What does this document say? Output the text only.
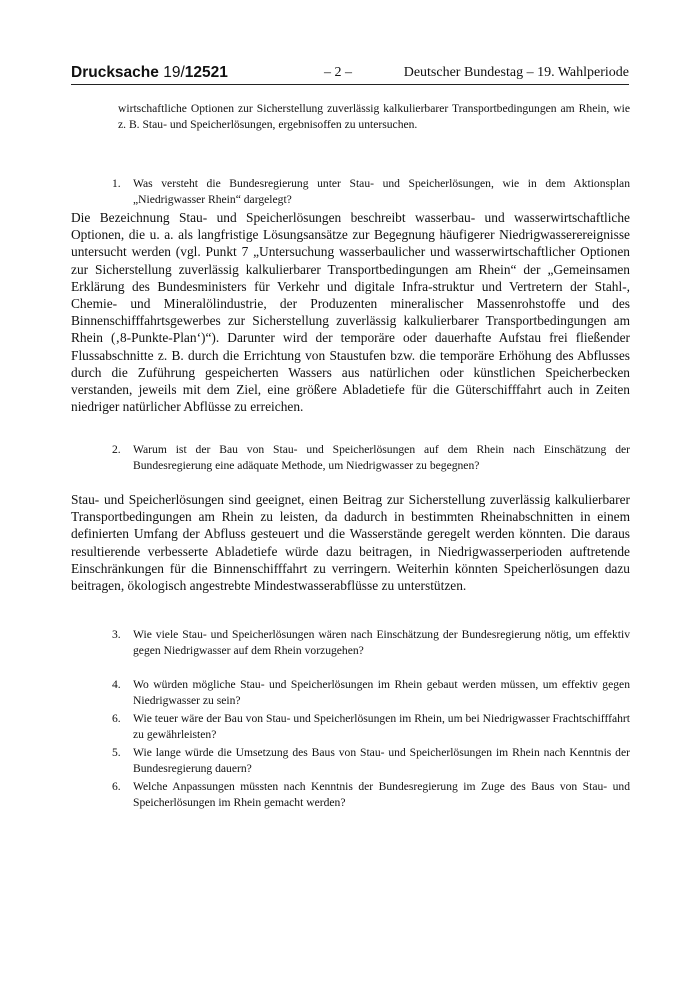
Drucksache 19/12521	– 2 –	Deutscher Bundestag – 19. Wahlperiode
wirtschaftliche Optionen zur Sicherstellung zuverlässig kalkulierbarer Transportbedingungen am Rhein, wie z. B. Stau- und Speicherlösungen, ergebnisoffen zu untersuchen.
1.	Was versteht die Bundesregierung unter Stau- und Speicherlösungen, wie in dem Aktionsplan „Niedrigwasser Rhein“ dargelegt?
Die Bezeichnung Stau- und Speicherlösungen beschreibt wasserbau- und wasserwirtschaftliche Optionen, die u. a. als langfristige Lösungsansätze zur Begegnung häufigerer Niedrigwasserereignisse untersucht werden (vgl. Punkt 7 „Untersuchung wasserbaulicher und wasserwirtschaftlicher Optionen zur Sicherstellung zuverlässig kalkulierbarer Transportbedingungen am Rhein“ der „Gemeinsamen Erklärung des Bundesministers für Verkehr und digitale Infra-struktur und Vertretern der Stahl-, Chemie- und Mineralölindustrie, der Produzenten mineralischer Massenrohstoffe und des Binnenschifffahrtsgewerbes zur Sicherstellung zuverlässig kalkulierbarer Transportbedingungen am Rhein (‚8-Punkte-Plan‘)“). Darunter wird der temporäre oder dauerhafte Aufstau frei fließender Flussabschnitte z. B. durch die Errichtung von Staustufen bzw. die temporäre Erhöhung des Abflusses durch die Zuführung gespeicherten Wassers aus natürlichen oder künstlichen Speicherbecken verstanden, jeweils mit dem Ziel, eine größere Abladetiefe für die Güterschifffahrt auch in Zeiten niedriger natürlicher Abflüsse zu erreichen.
2.	Warum ist der Bau von Stau- und Speicherlösungen auf dem Rhein nach Einschätzung der Bundesregierung eine adäquate Methode, um Niedrigwasser zu begegnen?
Stau- und Speicherlösungen sind geeignet, einen Beitrag zur Sicherstellung zuverlässig kalkulierbarer Transportbedingungen am Rhein zu leisten, da dadurch in bestimmten Rheinabschnitten in einem definierten Umfang der Abfluss gesteuert und die Wasserstände geregelt werden könnten. Die daraus resultierende verbesserte Abladetiefe würde dazu beitragen, in Niedrigwasserperioden auftretende Einschränkungen für die Binnenschifffahrt zu verringern. Weiterhin könnten Speicherlösungen dazu beitragen, ökologisch angestrebte Mindestwasserabflüsse zu unterstützen.
3.	Wie viele Stau- und Speicherlösungen wären nach Einschätzung der Bundesregierung nötig, um effektiv gegen Niedrigwasser auf dem Rhein vorzugehen?
4.	Wo würden mögliche Stau- und Speicherlösungen im Rhein gebaut werden müssen, um effektiv gegen Niedrigwasser zu sein?
6.	Wie teuer wäre der Bau von Stau- und Speicherlösungen im Rhein, um bei Niedrigwasser Frachtschifffahrt zu gewährleisten?
5.	Wie lange würde die Umsetzung des Baus von Stau- und Speicherlösungen im Rhein nach Kenntnis der Bundesregierung dauern?
6.	Welche Anpassungen müssten nach Kenntnis der Bundesregierung im Zuge des Baus von Stau- und Speicherlösungen im Rhein gemacht werden?
